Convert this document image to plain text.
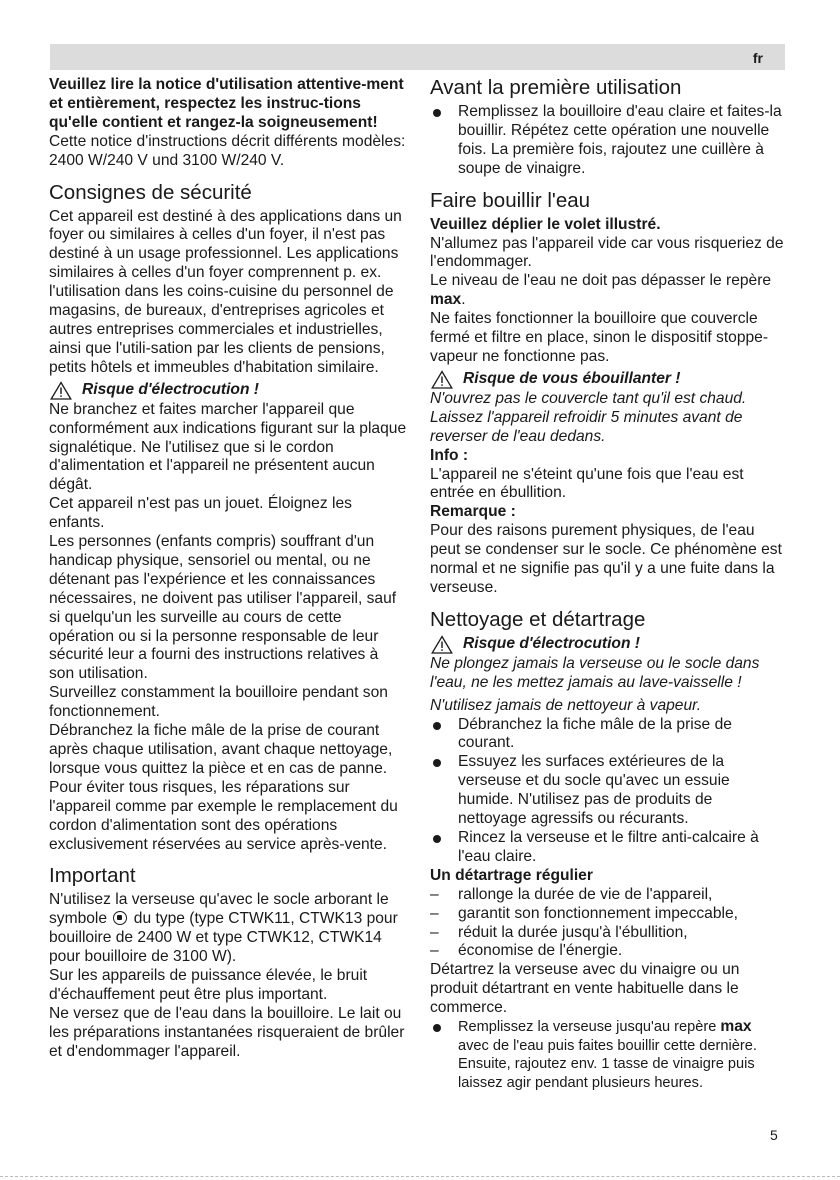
fr

Veuillez lire la notice d'utilisation attentive-ment et entièrement, respectez les instruc-tions qu'elle contient et rangez-la soigneusement!

Cette notice d'instructions décrit différents modèles: 2400 W/240 V und 3100 W/240 V.

Consignes de sécurité

Cet appareil est destiné à des applications dans un foyer ou similaires à celles d'un foyer, il n'est pas destiné à un usage professionnel. Les applications similaires à celles d'un foyer comprennent p. ex. l'utilisation dans les coins-cuisine du personnel de magasins, de bureaux, d'entreprises agricoles et autres entreprises commerciales et industrielles, ainsi que l'utili-sation par les clients de pensions, petits hôtels et immeubles d'habitation similaire.

Risque d'électrocution !

Ne branchez et faites marcher l'appareil que conformément aux indications figurant sur la plaque signalétique. Ne l'utilisez que si le cordon d'alimentation et l'appareil ne présentent aucun dégât.

Cet appareil n'est pas un jouet. Éloignez les enfants.

Les personnes (enfants compris) souffrant d'un handicap physique, sensoriel ou mental, ou ne détenant pas l'expérience et les connaissances nécessaires, ne doivent pas utiliser l'appareil, sauf si quelqu'un les surveille au cours de cette opération ou si la personne responsable de leur sécurité leur a fourni des instructions relatives à son utilisation.

Surveillez constamment la bouilloire pendant son fonctionnement.

Débranchez la fiche mâle de la prise de courant après chaque utilisation, avant chaque nettoyage, lorsque vous quittez la pièce et en cas de panne.

Pour éviter tous risques, les réparations sur l'appareil comme par exemple le remplacement du cordon d'alimentation sont des opérations exclusivement réservées au service après-vente.

Important

N'utilisez la verseuse qu'avec le socle arborant le symbole du type (type CTWK11, CTWK13 pour bouilloire de 2400 W et type CTWK12, CTWK14 pour bouilloire de 3100 W).

Sur les appareils de puissance élevée, le bruit d'échauffement peut être plus important.

Ne versez que de l'eau dans la bouilloire. Le lait ou les préparations instantanées risqueraient de brûler et d'endommager l'appareil.

Avant la première utilisation
Remplissez la bouilloire d'eau claire et faites-la bouillir. Répétez cette opération une nouvelle fois. La première fois, rajoutez une cuillère à soupe de vinaigre.
Faire bouillir l'eau

Veuillez déplier le volet illustré.

N'allumez pas l'appareil vide car vous risqueriez de l'endommager.

Le niveau de l'eau ne doit pas dépasser le repère max.

Ne faites fonctionner la bouilloire que couvercle fermé et filtre en place, sinon le dispositif stoppe-vapeur ne fonctionne pas.

Risque de vous ébouillanter !

N'ouvrez pas le couvercle tant qu'il est chaud. Laissez l'appareil refroidir 5 minutes avant de reverser de l'eau dedans.

Info :

L'appareil ne s'éteint qu'une fois que l'eau est entrée en ébullition.

Remarque :

Pour des raisons purement physiques, de l'eau peut se condenser sur le socle. Ce phénomène est normal et ne signifie pas qu'il y a une fuite dans la verseuse.

Nettoyage et détartrage
Risque d'électrocution !

Ne plongez jamais la verseuse ou le socle dans l'eau, ne les mettez jamais au lave-vaisselle !

N'utilisez jamais de nettoyeur à vapeur.

Débranchez la fiche mâle de la prise de courant.
Essuyez les surfaces extérieures de la verseuse et du socle qu'avec un essuie humide. N'utilisez pas de produits de nettoyage agressifs ou récurants.
Rincez la verseuse et le filtre anti-calcaire à l'eau claire.

Un détartrage régulier

– rallonge la durée de vie de l'appareil,
– garantit son fonctionnement impeccable,
– réduit la durée jusqu'à l'ébullition,
– économise de l'énergie.

Détartrez la verseuse avec du vinaigre ou un produit détartrant en vente habituelle dans le commerce.

Remplissez la verseuse jusqu'au repère max avec de l'eau puis faites bouillir cette dernière. Ensuite, rajoutez env. 1 tasse de vinaigre puis laissez agir pendant plusieurs heures.
5
